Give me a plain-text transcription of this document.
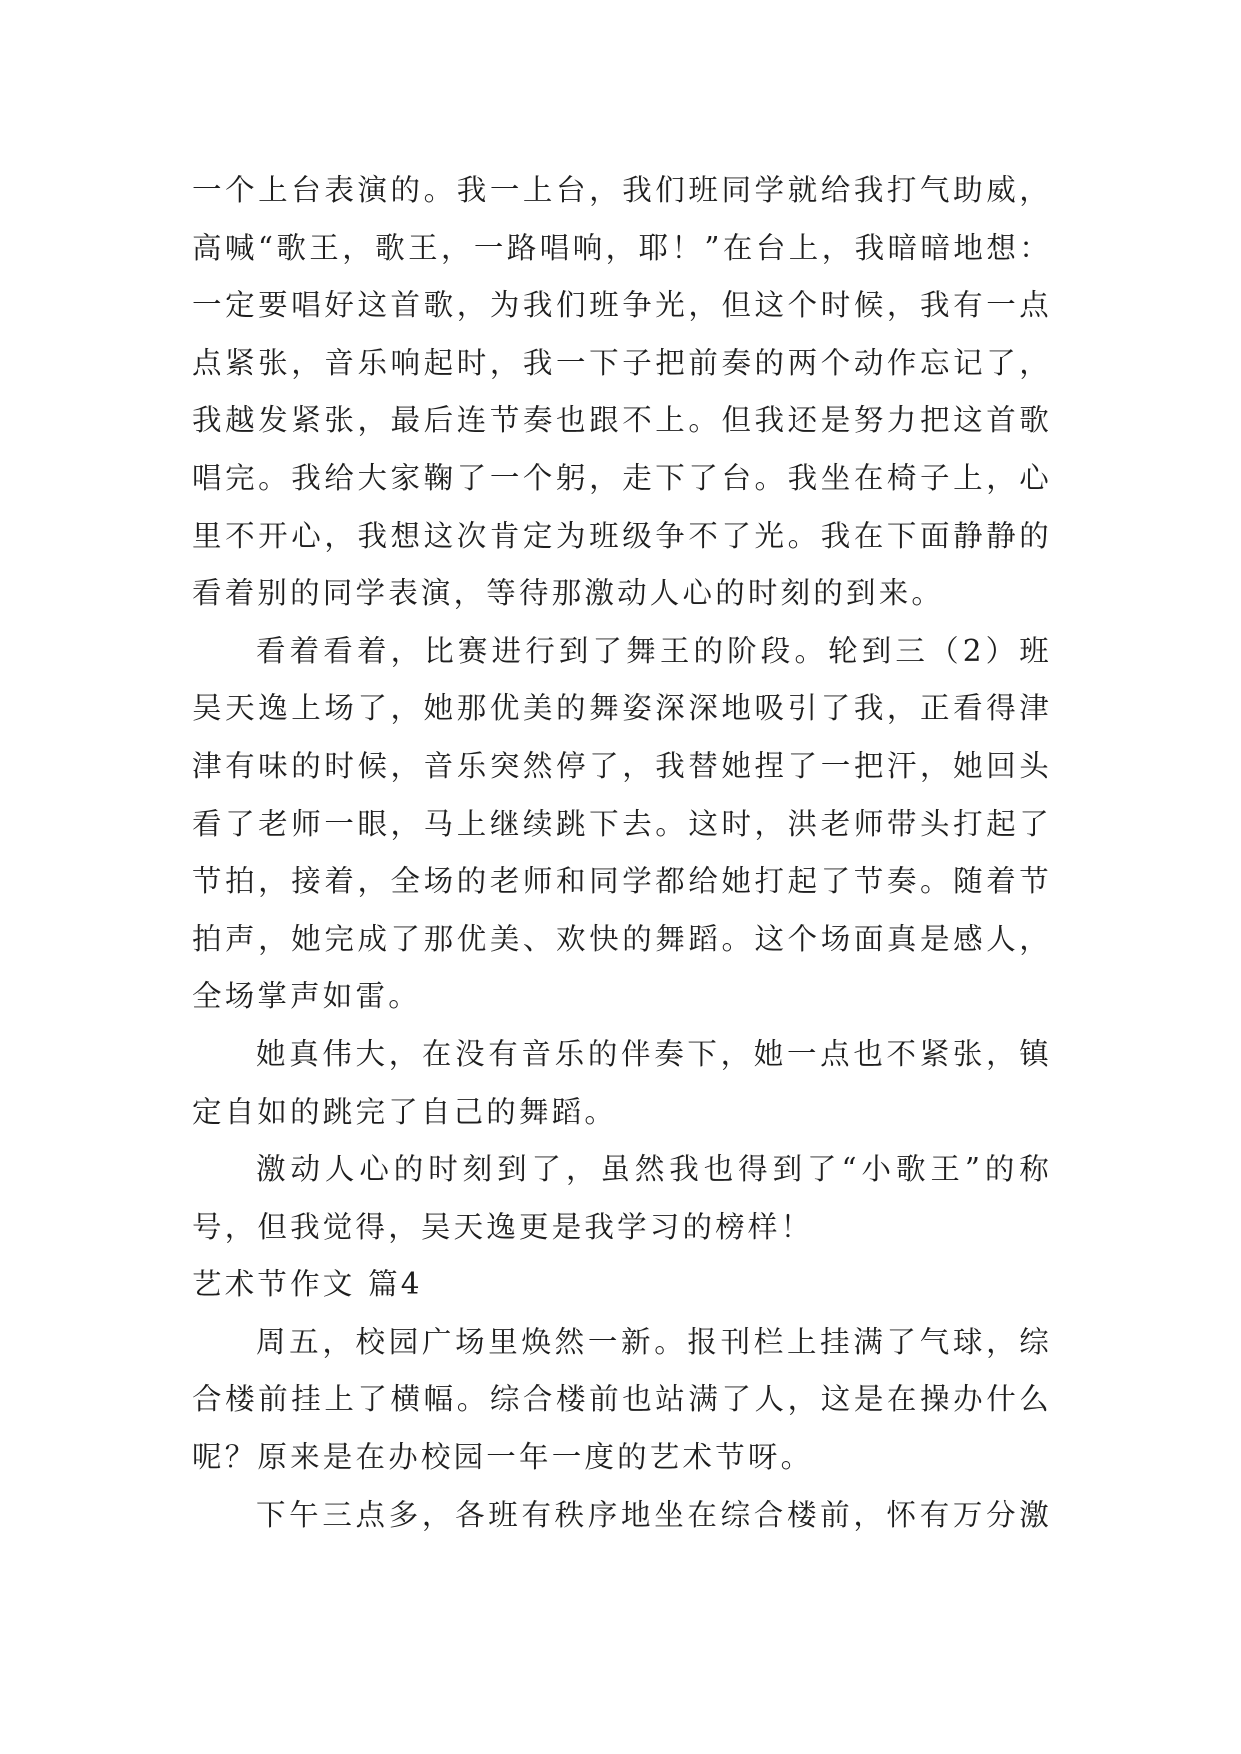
一个上台表演的。我一上台，我们班同学就给我打气助威，
高喊“歌王，歌王，一路唱响，耶！”在台上，我暗暗地想：
一定要唱好这首歌，为我们班争光，但这个时候，我有一点
点紧张，音乐响起时，我一下子把前奏的两个动作忘记了，
我越发紧张，最后连节奏也跟不上。但我还是努力把这首歌
唱完。我给大家鞠了一个躬，走下了台。我坐在椅子上，心
里不开心，我想这次肯定为班级争不了光。我在下面静静的
看着别的同学表演，等待那激动人心的时刻的到来。

看着看着，比赛进行到了舞王的阶段。轮到三（2）班
吴天逸上场了，她那优美的舞姿深深地吸引了我，正看得津
津有味的时候，音乐突然停了，我替她捏了一把汗，她回头
看了老师一眼，马上继续跳下去。这时，洪老师带头打起了
节拍，接着，全场的老师和同学都给她打起了节奏。随着节
拍声，她完成了那优美、欢快的舞蹈。这个场面真是感人，
全场掌声如雷。

她真伟大，在没有音乐的伴奏下，她一点也不紧张，镇
定自如的跳完了自己的舞蹈。

激动人心的时刻到了，虽然我也得到了“小歌王”的称
号，但我觉得，吴天逸更是我学习的榜样！

艺术节作文 篇4

周五，校园广场里焕然一新。报刊栏上挂满了气球，综
合楼前挂上了横幅。综合楼前也站满了人，这是在操办什么
呢？原来是在办校园一年一度的艺术节呀。

下午三点多，各班有秩序地坐在综合楼前，怀有万分激
